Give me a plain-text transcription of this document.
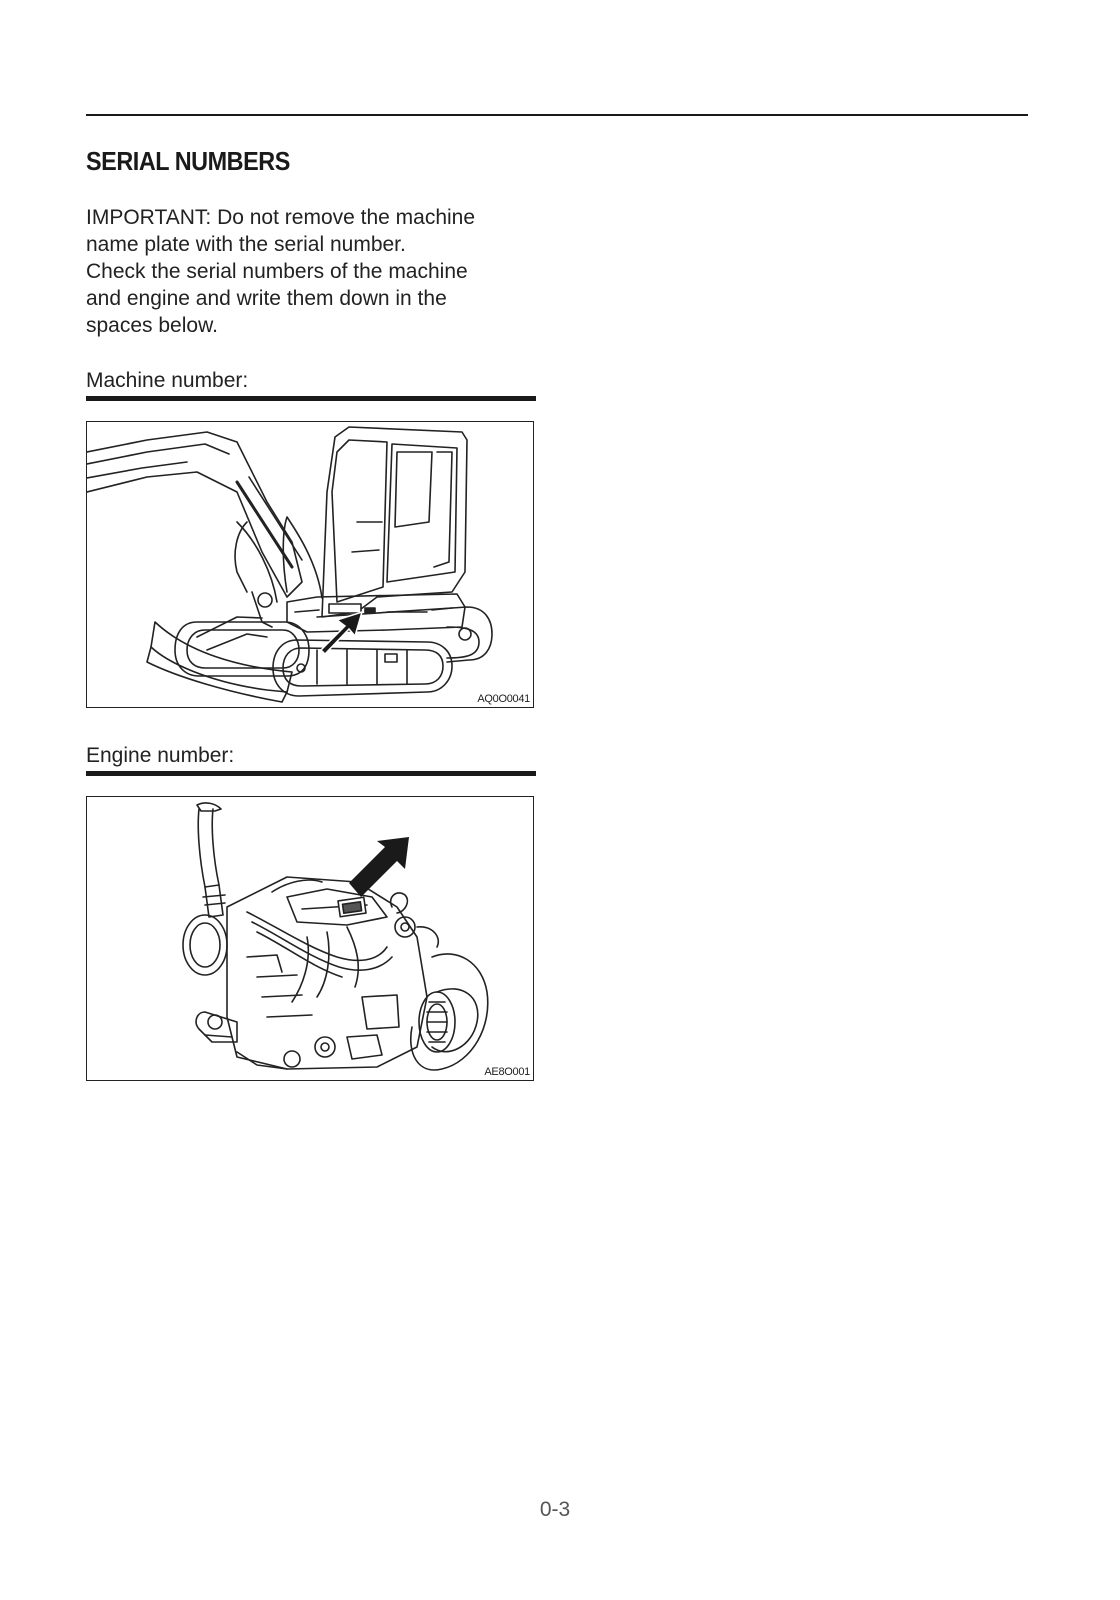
SERIAL NUMBERS

IMPORTANT: Do not remove the machine

name plate with the serial number.

Check the serial numbers of the machine

and engine and write them down in the

spaces below.

Machine number:
AQ0O0041
Engine number:
AE8O001
0-3
